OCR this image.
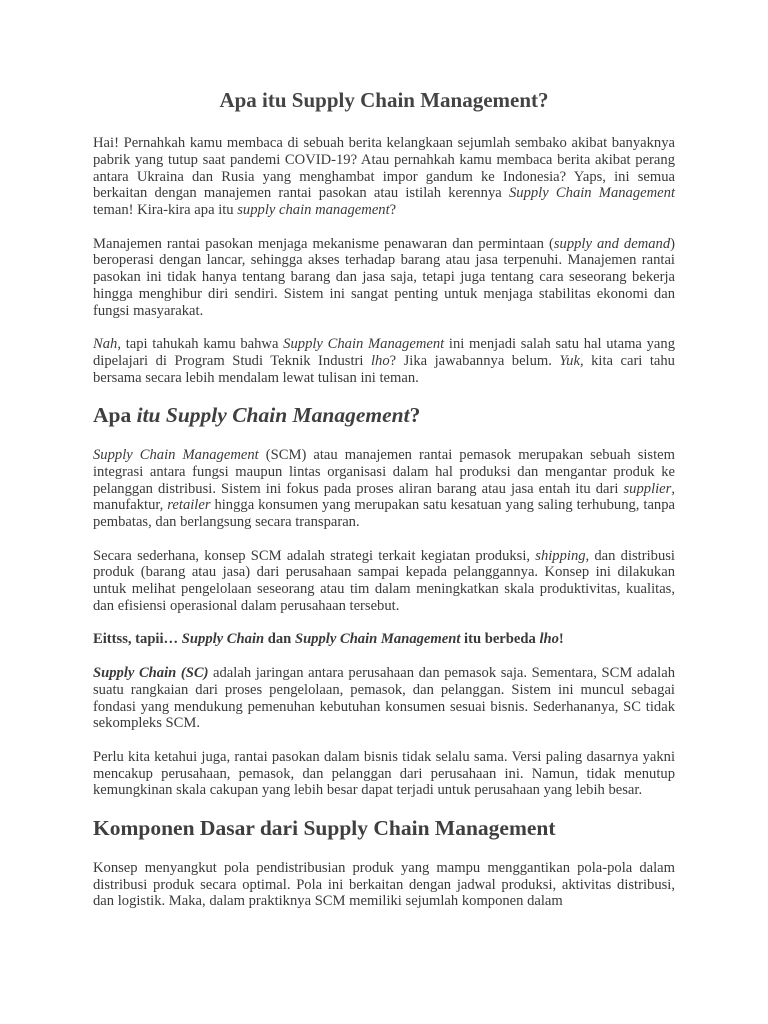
Apa itu Supply Chain Management?

Hai! Pernahkah kamu membaca di sebuah berita kelangkaan sejumlah sembako akibat banyaknya pabrik yang tutup saat pandemi COVID-19? Atau pernahkah kamu membaca berita akibat perang antara Ukraina dan Rusia yang menghambat impor gandum ke Indonesia? Yaps, ini semua berkaitan dengan manajemen rantai pasokan atau istilah kerennya Supply Chain Management teman! Kira-kira apa itu supply chain management?

Manajemen rantai pasokan menjaga mekanisme penawaran dan permintaan (supply and demand) beroperasi dengan lancar, sehingga akses terhadap barang atau jasa terpenuhi. Manajemen rantai pasokan ini tidak hanya tentang barang dan jasa saja, tetapi juga tentang cara seseorang bekerja hingga menghibur diri sendiri. Sistem ini sangat penting untuk menjaga stabilitas ekonomi dan fungsi masyarakat.

Nah, tapi tahukah kamu bahwa Supply Chain Management ini menjadi salah satu hal utama yang dipelajari di Program Studi Teknik Industri lho? Jika jawabannya belum. Yuk, kita cari tahu bersama secara lebih mendalam lewat tulisan ini teman.

Apa itu Supply Chain Management?

Supply Chain Management (SCM) atau manajemen rantai pemasok merupakan sebuah sistem integrasi antara fungsi maupun lintas organisasi dalam hal produksi dan mengantar produk ke pelanggan distribusi. Sistem ini fokus pada proses aliran barang atau jasa entah itu dari supplier, manufaktur, retailer hingga konsumen yang merupakan satu kesatuan yang saling terhubung, tanpa pembatas, dan berlangsung secara transparan.

Secara sederhana, konsep SCM adalah strategi terkait kegiatan produksi, shipping, dan distribusi produk (barang atau jasa) dari perusahaan sampai kepada pelanggannya. Konsep ini dilakukan untuk melihat pengelolaan seseorang atau tim dalam meningkatkan skala produktivitas, kualitas, dan efisiensi operasional dalam perusahaan tersebut.

Eittss, tapii… Supply Chain dan Supply Chain Management itu berbeda lho!

Supply Chain (SC) adalah jaringan antara perusahaan dan pemasok saja. Sementara, SCM adalah suatu rangkaian dari proses pengelolaan, pemasok, dan pelanggan. Sistem ini muncul sebagai fondasi yang mendukung pemenuhan kebutuhan konsumen sesuai bisnis. Sederhananya, SC tidak sekompleks SCM.

Perlu kita ketahui juga, rantai pasokan dalam bisnis tidak selalu sama. Versi paling dasarnya yakni mencakup perusahaan, pemasok, dan pelanggan dari perusahaan ini. Namun, tidak menutup kemungkinan skala cakupan yang lebih besar dapat terjadi untuk perusahaan yang lebih besar.

Komponen Dasar dari Supply Chain Management

Konsep menyangkut pola pendistribusian produk yang mampu menggantikan pola-pola dalam distribusi produk secara optimal. Pola ini berkaitan dengan jadwal produksi, aktivitas distribusi, dan logistik. Maka, dalam praktiknya SCM memiliki sejumlah komponen dalam
